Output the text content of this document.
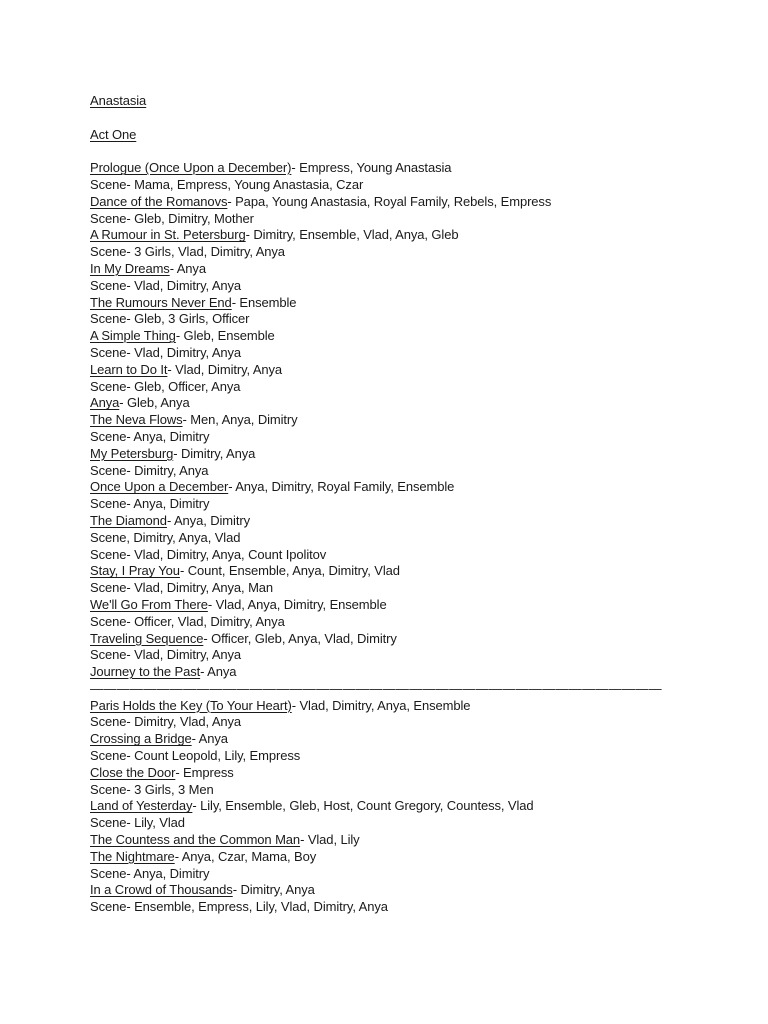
Anastasia
Act One
Prologue (Once Upon a December)- Empress, Young Anastasia
Scene- Mama, Empress, Young Anastasia, Czar
Dance of the Romanovs- Papa, Young Anastasia, Royal Family, Rebels, Empress
Scene- Gleb, Dimitry, Mother
A Rumour in St. Petersburg- Dimitry, Ensemble, Vlad, Anya, Gleb
Scene- 3 Girls, Vlad, Dimitry, Anya
In My Dreams- Anya
Scene- Vlad, Dimitry, Anya
The Rumours Never End- Ensemble
Scene- Gleb, 3 Girls, Officer
A Simple Thing- Gleb, Ensemble
Scene- Vlad, Dimitry, Anya
Learn to Do It- Vlad, Dimitry, Anya
Scene- Gleb, Officer, Anya
Anya- Gleb, Anya
The Neva Flows- Men, Anya, Dimitry
Scene- Anya, Dimitry
My Petersburg- Dimitry, Anya
Scene- Dimitry, Anya
Once Upon a December- Anya, Dimitry, Royal Family, Ensemble
Scene- Anya, Dimitry
The Diamond- Anya, Dimitry
Scene, Dimitry, Anya, Vlad
Scene- Vlad, Dimitry, Anya, Count Ipolitov
Stay, I Pray You- Count, Ensemble, Anya, Dimitry, Vlad
Scene- Vlad, Dimitry, Anya, Man
We'll Go From There- Vlad, Anya, Dimitry, Ensemble
Scene- Officer, Vlad, Dimitry, Anya
Traveling Sequence- Officer, Gleb, Anya, Vlad, Dimitry
Scene- Vlad, Dimitry, Anya
Journey to the Past- Anya
———————————————————————————————————————————
Paris Holds the Key (To Your Heart)- Vlad, Dimitry, Anya, Ensemble
Scene- Dimitry, Vlad, Anya
Crossing a Bridge- Anya
Scene- Count Leopold, Lily, Empress
Close the Door- Empress
Scene- 3 Girls, 3 Men
Land of Yesterday- Lily, Ensemble, Gleb, Host, Count Gregory, Countess, Vlad
Scene- Lily, Vlad
The Countess and the Common Man- Vlad, Lily
The Nightmare- Anya, Czar, Mama, Boy
Scene- Anya, Dimitry
In a Crowd of Thousands- Dimitry, Anya
Scene- Ensemble, Empress, Lily, Vlad, Dimitry, Anya
